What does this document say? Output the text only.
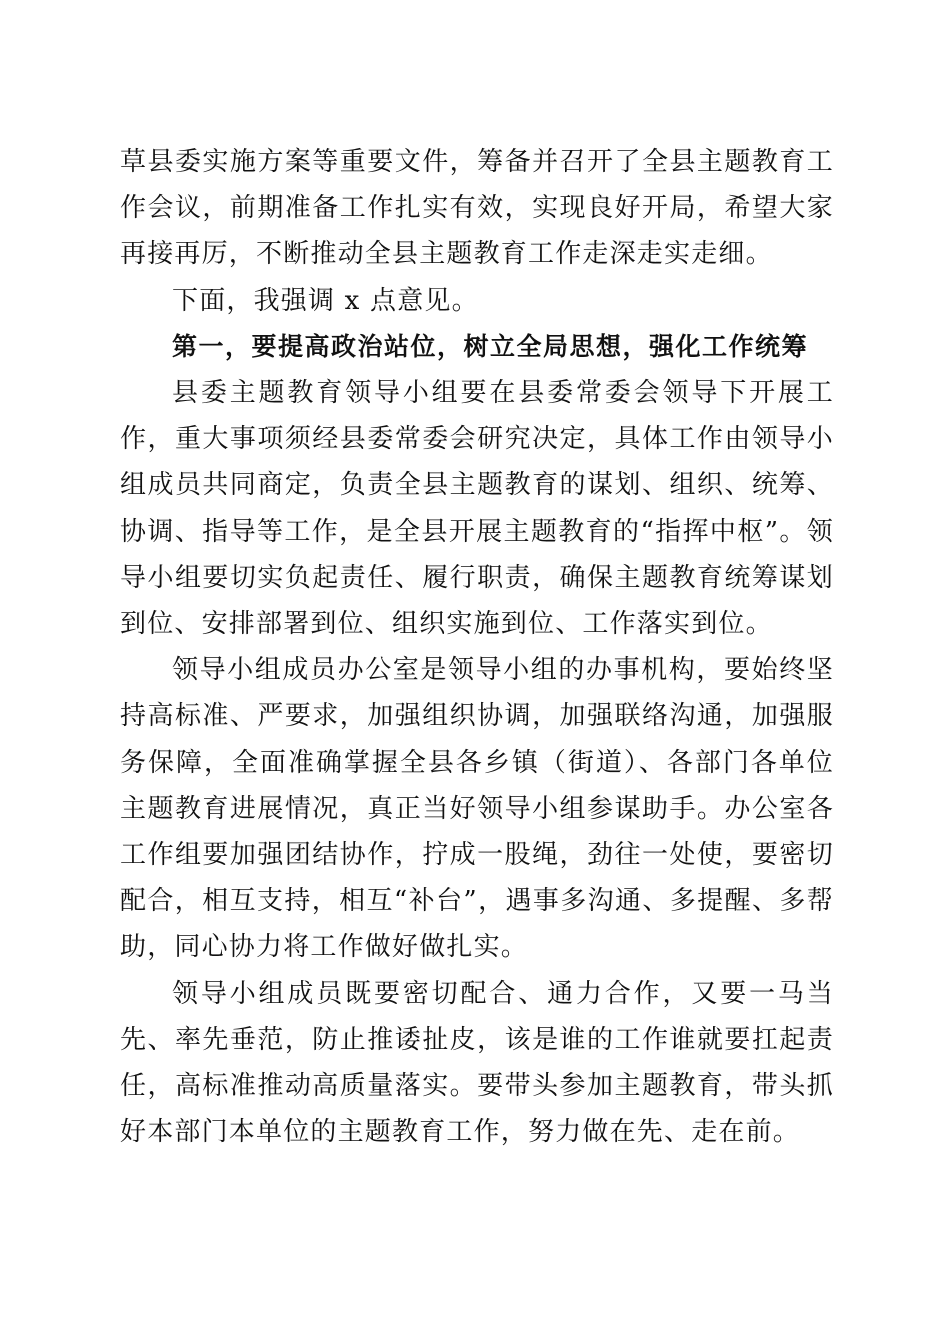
草县委实施方案等重要文件，筹备并召开了全县主题教育工作会议，前期准备工作扎实有效，实现良好开局，希望大家再接再厉，不断推动全县主题教育工作走深走实走细。

下面，我强调 x 点意见。

第一，要提高政治站位，树立全局思想，强化工作统筹

县委主题教育领导小组要在县委常委会领导下开展工作，重大事项须经县委常委会研究决定，具体工作由领导小组成员共同商定，负责全县主题教育的谋划、组织、统筹、协调、指导等工作，是全县开展主题教育的“指挥中枢”。领导小组要切实负起责任、履行职责，确保主题教育统筹谋划到位、安排部署到位、组织实施到位、工作落实到位。

领导小组成员办公室是领导小组的办事机构，要始终坚持高标准、严要求，加强组织协调，加强联络沟通，加强服务保障，全面准确掌握全县各乡镇（街道）、各部门各单位主题教育进展情况，真正当好领导小组参谋助手。办公室各工作组要加强团结协作，拧成一股绳，劲往一处使，要密切配合，相互支持，相互“补台”，遇事多沟通、多提醒、多帮助，同心协力将工作做好做扎实。

领导小组成员既要密切配合、通力合作，又要一马当先、率先垂范，防止推诿扯皮，该是谁的工作谁就要扛起责任，高标准推动高质量落实。要带头参加主题教育，带头抓好本部门本单位的主题教育工作，努力做在先、走在前。
